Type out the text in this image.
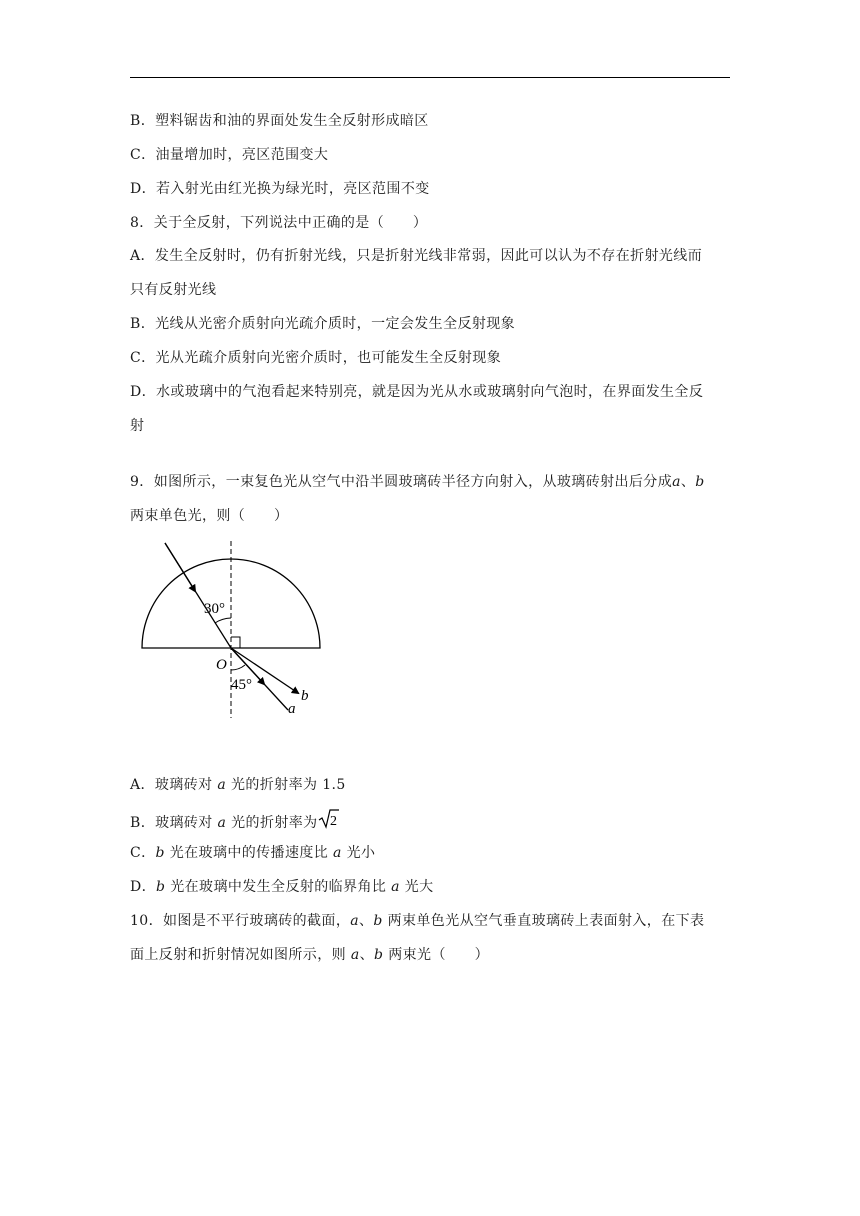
B．塑料锯齿和油的界面处发生全反射形成暗区
C．油量增加时，亮区范围变大
D．若入射光由红光换为绿光时，亮区范围不变
8．关于全反射，下列说法中正确的是（　　）
A．发生全反射时，仍有折射光线，只是折射光线非常弱，因此可以认为不存在折射光线而
只有反射光线
B．光线从光密介质射向光疏介质时，一定会发生全反射现象
C．光从光疏介质射向光密介质时，也可能发生全反射现象
D．水或玻璃中的气泡看起来特别亮，就是因为光从水或玻璃射向气泡时，在界面发生全反
射
9．如图所示，一束复色光从空气中沿半圆玻璃砖半径方向射入，从玻璃砖射出后分成a、b
两束单色光，则（　　）
30°
O
45°
b
a
A．玻璃砖对 a 光的折射率为 1.5
B．玻璃砖对 a 光的折射率为 2
C．b 光在玻璃中的传播速度比 a 光小
D．b 光在玻璃中发生全反射的临界角比 a 光大
10．如图是不平行玻璃砖的截面，a、b 两束单色光从空气垂直玻璃砖上表面射入，在下表
面上反射和折射情况如图所示，则 a、b 两束光（　　）
